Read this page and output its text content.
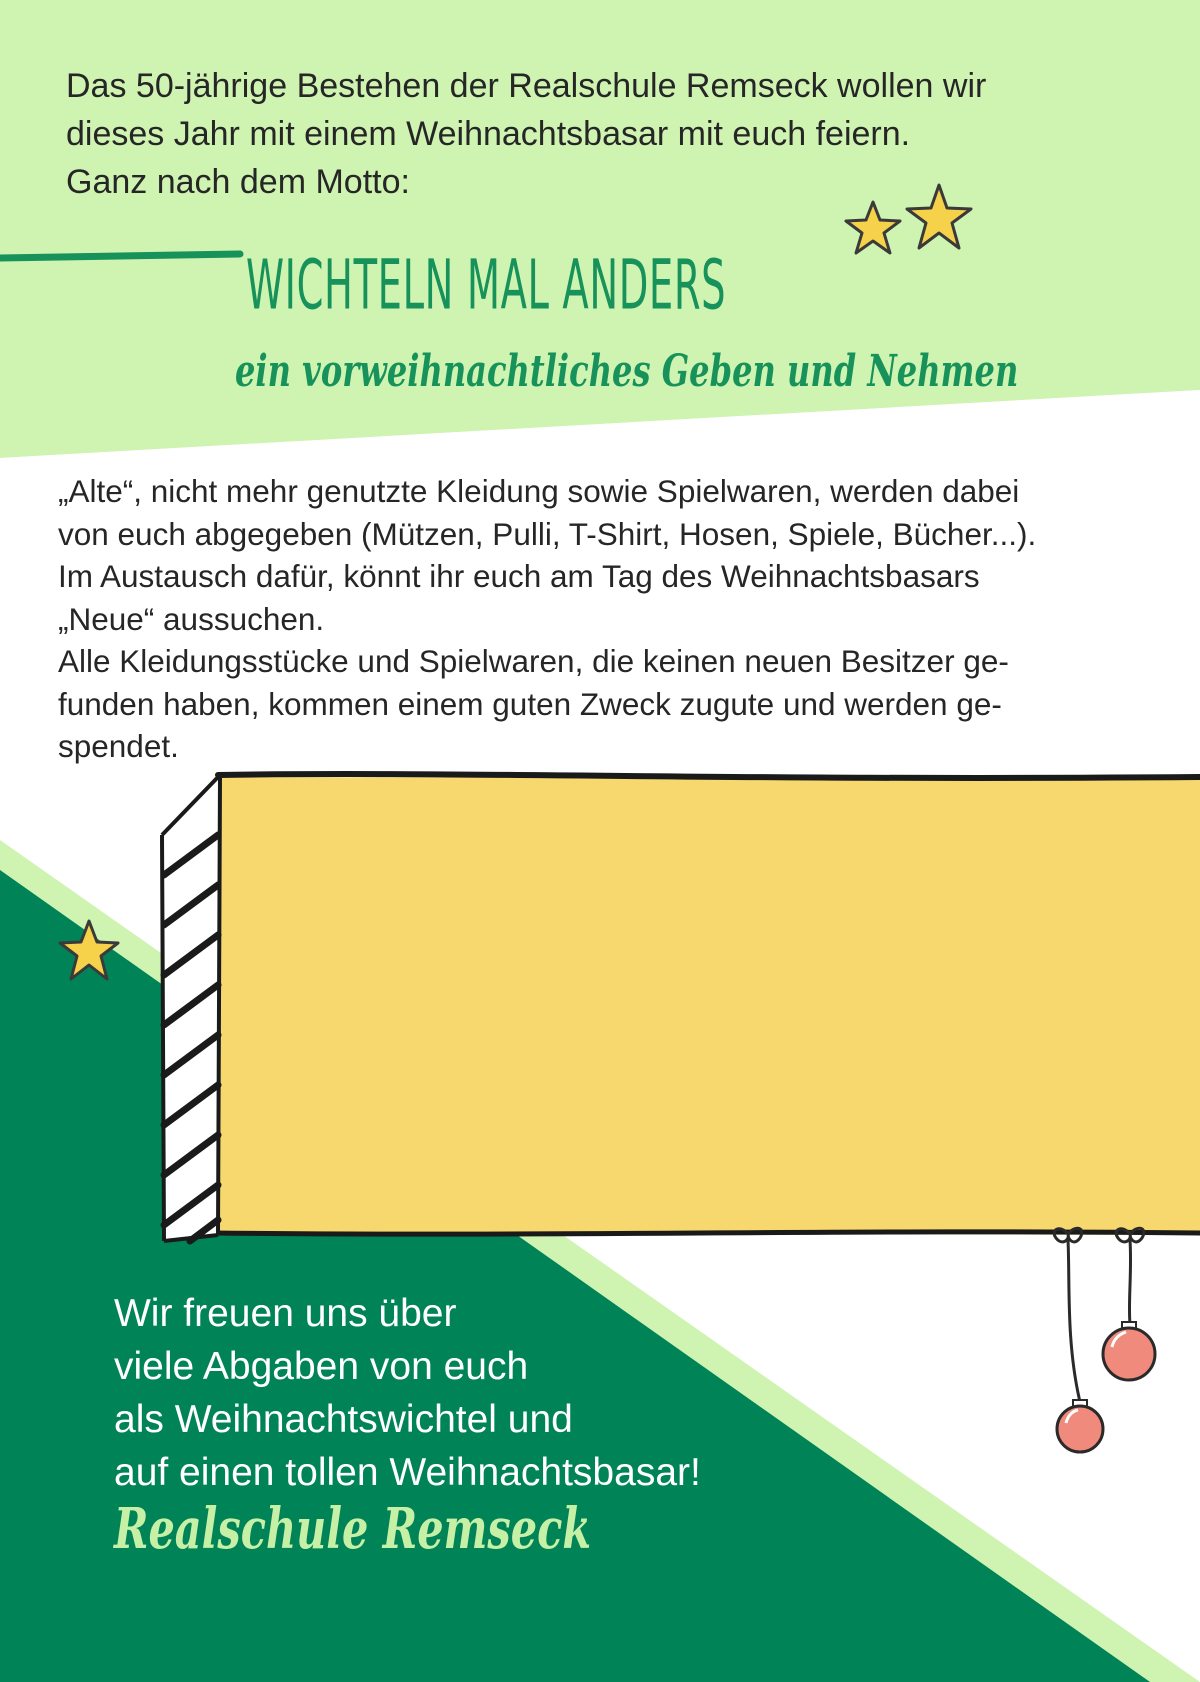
Das 50-jährige Bestehen der Realschule Remseck wollen wir

dieses Jahr mit einem Weihnachtsbasar mit euch feiern.

Ganz nach dem Motto:

WICHTELN MAL ANDERS
ein vorweihnachtliches Geben und Nehmen

„Alte“, nicht mehr genutzte Kleidung sowie Spielwaren, werden dabei

von euch abgegeben (Mützen, Pulli, T-Shirt, Hosen, Spiele, Bücher...).

Im Austausch dafür, könnt ihr euch am Tag des Weihnachtsbasars

„Neue“ aussuchen.

Alle Kleidungsstücke und Spielwaren, die keinen neuen Besitzer ge-

funden haben, kommen einem guten Zweck zugute und werden ge-

spendet.

Wir freuen uns über

viele Abgaben von euch

als Weihnachtswichtel und

auf einen tollen Weihnachtsbasar!

Realschule Remseck
